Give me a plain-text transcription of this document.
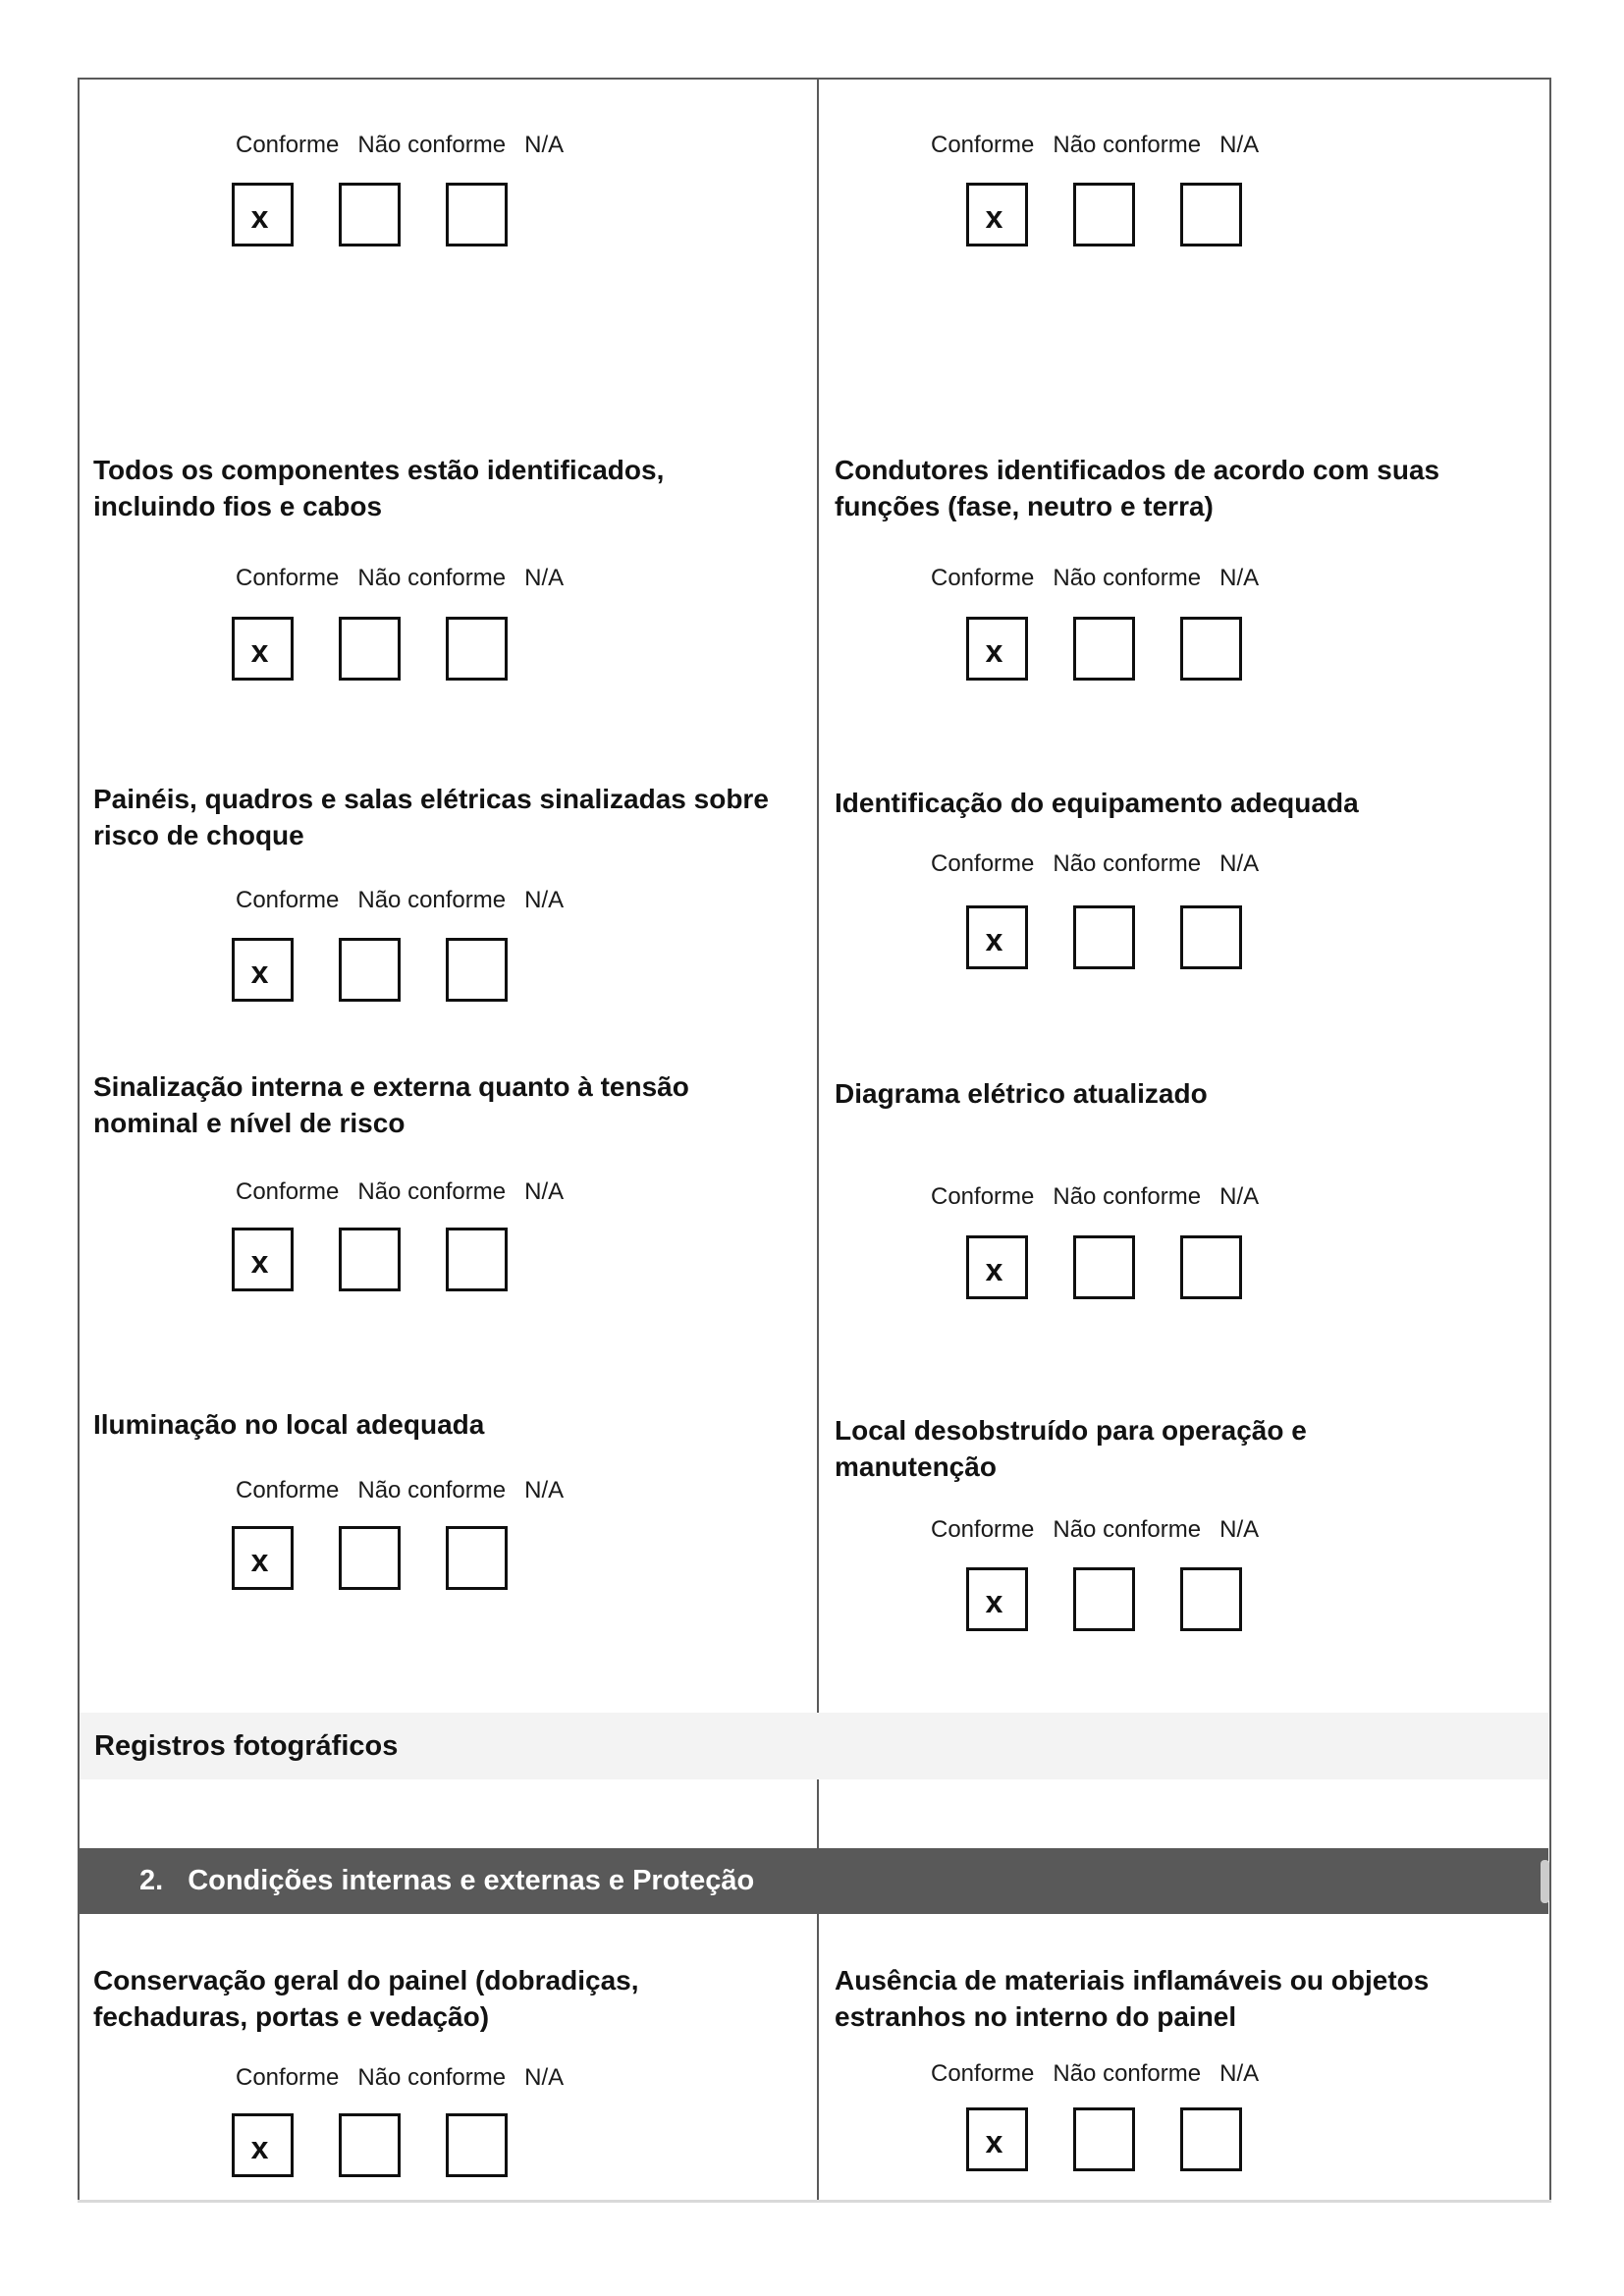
Conforme Não conforme N/A
x
Conforme Não conforme N/A
x
Todos os componentes estão identificados, incluindo fios e cabos
Conforme Não conforme N/A
x
Condutores identificados de acordo com suas funções (fase, neutro e terra)
Conforme Não conforme N/A
x
Painéis, quadros e salas elétricas sinalizadas sobre risco de choque
Conforme Não conforme N/A
x
Identificação do equipamento adequada
Conforme Não conforme N/A
x
Sinalização interna e externa quanto à tensão nominal e nível de risco
Conforme Não conforme N/A
x
Diagrama elétrico atualizado
Conforme Não conforme N/A
x
Iluminação no local adequada
Conforme Não conforme N/A
x
Local desobstruído para operação e manutenção
Conforme Não conforme N/A
x
Registros fotográficos
2. Condições internas e externas e Proteção
Conservação geral do painel (dobradiças, fechaduras, portas e vedação)
Conforme Não conforme N/A
x
Ausência de materiais inflamáveis ou objetos estranhos no interno do painel
Conforme Não conforme N/A
x
